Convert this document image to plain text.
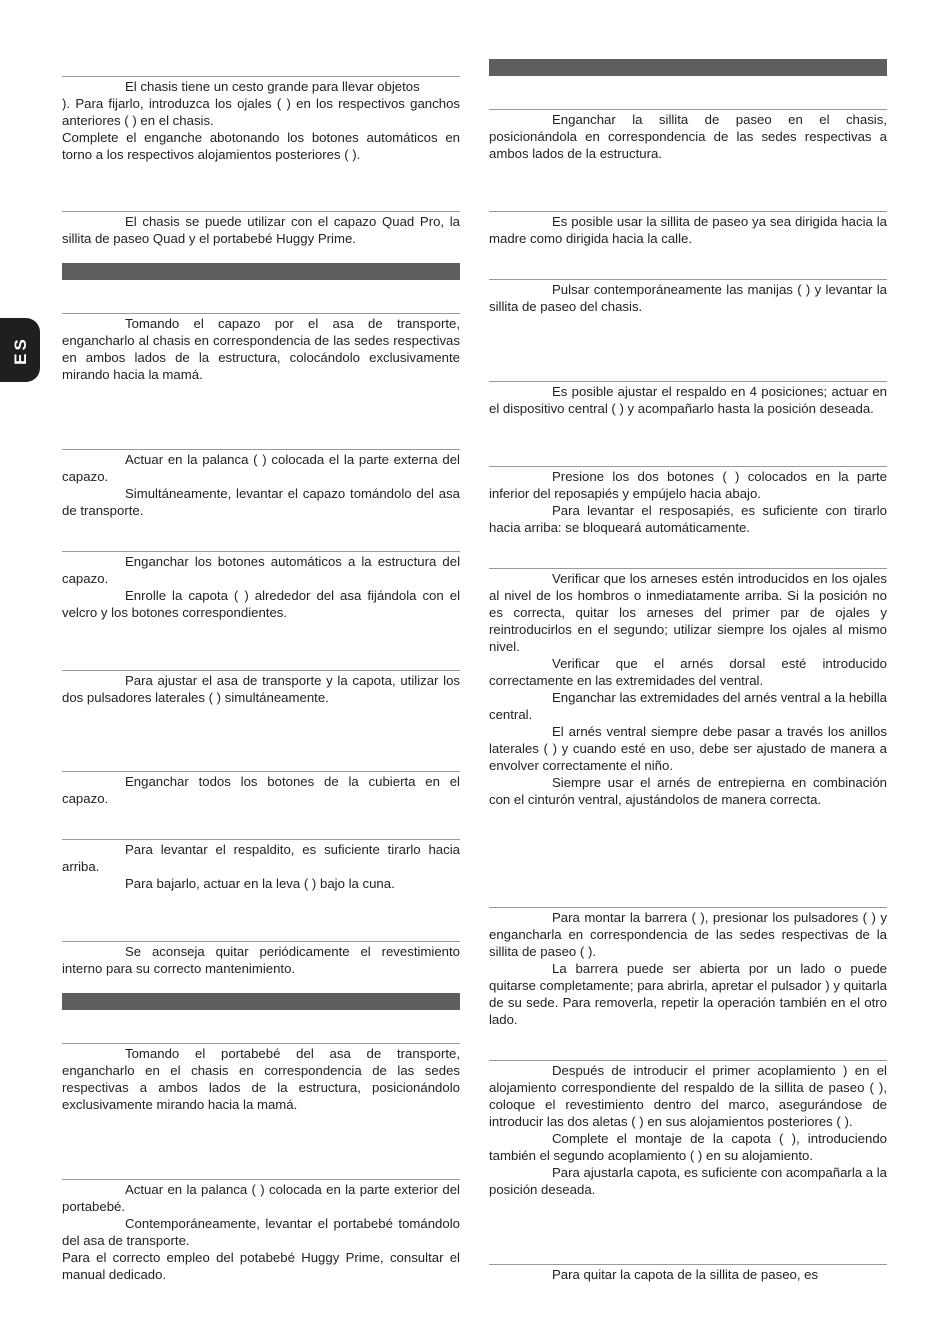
ES

El chasis tiene un cesto grande para llevar objetos

). Para fijarlo, introduzca los ojales ( ) en los respectivos ganchos anteriores ( ) en el chasis.

Complete el enganche abotonando los botones automáticos en torno a los respectivos alojamientos posteriores ( ).

El chasis se puede utilizar con el capazo Quad Pro, la sillita de paseo Quad y el portabebé Huggy Prime.

Tomando el capazo por el asa de transporte, engancharlo al chasis en correspondencia de las sedes respectivas en ambos lados de la estructura, colocándolo exclusivamente mirando hacia la mamá.

Actuar en la palanca ( ) colocada el la parte externa del capazo.

Simultáneamente, levantar el capazo tomándolo del asa de transporte.

Enganchar los botones automáticos a la estructura del capazo.

Enrolle la capota ( ) alrededor del asa fijándola con el velcro y los botones correspondientes.

Para ajustar el asa de transporte y la capota, utilizar los dos pulsadores laterales ( ) simultáneamente.

Enganchar todos los botones de la cubierta en el capazo.

Para levantar el respaldito, es suficiente tirarlo hacia arriba.

Para bajarlo, actuar en la leva ( ) bajo la cuna.

Se aconseja quitar periódicamente el revestimiento interno para su correcto mantenimiento.

Tomando el portabebé del asa de transporte, engancharlo en el chasis en correspondencia de las sedes respectivas a ambos lados de la estructura, posicionándolo exclusivamente mirando hacia la mamá.

Actuar en la palanca ( ) colocada en la parte exterior del portabebé.

Contemporáneamente, levantar el portabebé tomándolo del asa de transporte.

Para el correcto empleo del potabebé Huggy Prime, consultar el manual dedicado.

Enganchar la sillita de paseo en el chasis, posicionándola en correspondencia de las sedes respectivas a ambos lados de la estructura.

Es posible usar la sillita de paseo ya sea dirigida hacia la madre como dirigida hacia la calle.

Pulsar contemporáneamente las manijas ( ) y levantar la sillita de paseo del chasis.

Es posible ajustar el respaldo en 4 posiciones; actuar en el dispositivo central ( ) y acompañarlo hasta la posición deseada.

Presione los dos botones ( ) colocados en la parte inferior del reposapiés y empújelo hacia abajo.

Para levantar el resposapiés, es suficiente con tirarlo hacia arriba: se bloqueará automáticamente.

Verificar que los arneses estén introducidos en los ojales al nivel de los hombros o inmediatamente arriba. Si la posición no es correcta, quitar los arneses del primer par de ojales y reintroducirlos en el segundo; utilizar siempre los ojales al mismo nivel.

Verificar que el arnés dorsal esté introducido correctamente en las extremidades del ventral.

Enganchar las extremidades del arnés ventral a la hebilla central.

El arnés ventral siempre debe pasar a través los anillos laterales ( ) y cuando esté en uso, debe ser ajustado de manera a envolver correctamente el niño.

Siempre usar el arnés de entrepierna en combinación con el cinturón ventral, ajustándolos de manera correcta.

Para montar la barrera ( ), presionar los pulsadores ( ) y engancharla en correspondencia de las sedes respectivas de la sillita de paseo ( ).

La barrera puede ser abierta por un lado o puede quitarse completamente; para abrirla, apretar el pulsador ) y quitarla de su sede. Para removerla, repetir la operación también en el otro lado.

Después de introducir el primer acoplamiento ) en el alojamiento correspondiente del respaldo de la sillita de paseo ( ), coloque el revestimiento dentro del marco, asegurándose de introducir las dos aletas ( ) en sus alojamientos posteriores ( ).

Complete el montaje de la capota ( ), introduciendo también el segundo acoplamiento ( ) en su alojamiento.

Para ajustarla capota, es suficiente con acompañarla a la posición deseada.

Para quitar la capota de la sillita de paseo, es
